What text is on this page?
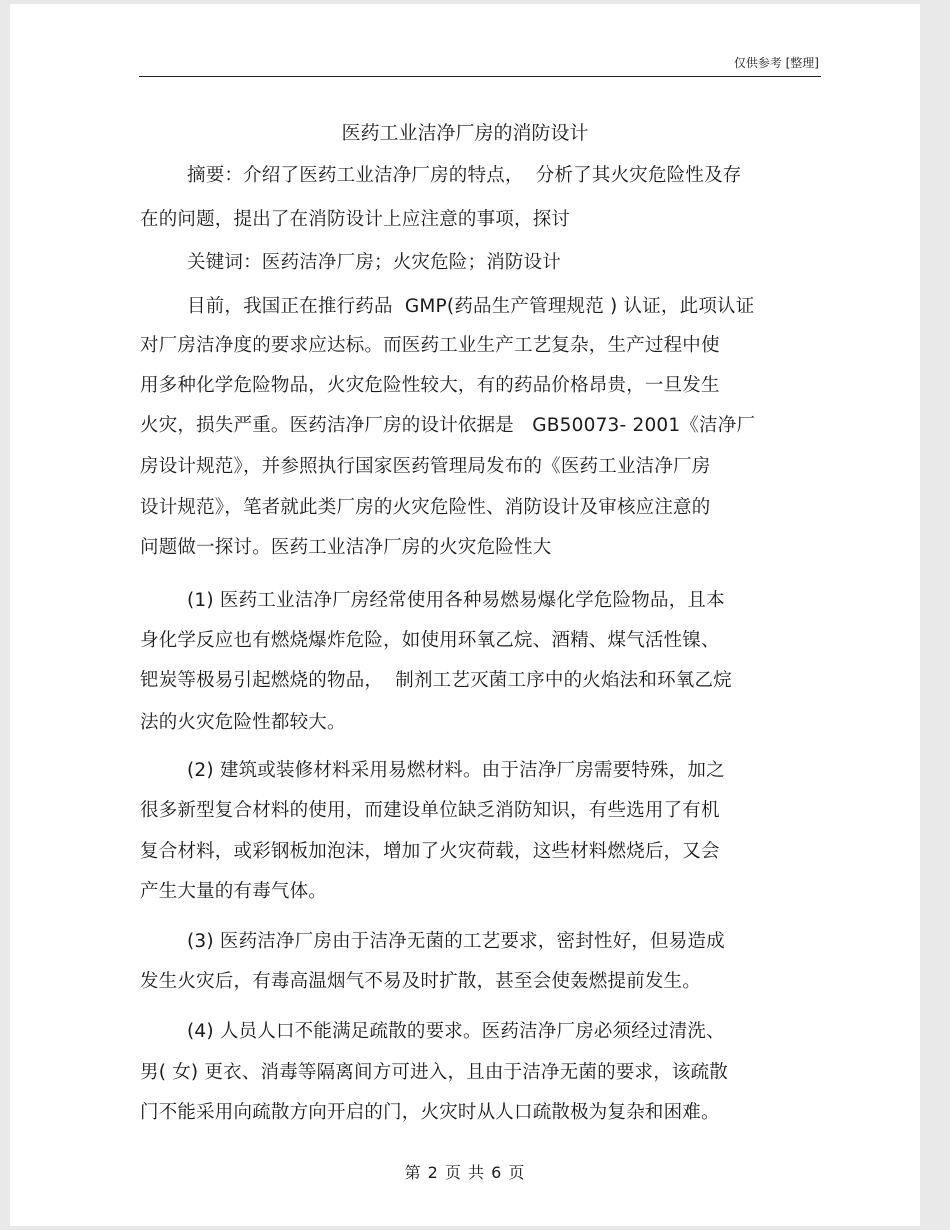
仅供参考 [整理]
医药工业洁净厂房的消防设计
摘要：介绍了医药工业洁净厂房的特点，  分析了其火灾危险性及存
在的问题，提出了在消防设计上应注意的事项，探讨
关键词：医药洁净厂房；火灾危险；消防设计
目前，我国正在推行药品  GMP(药品生产管理规范 ) 认证，此项认证
对厂房洁净度的要求应达标。而医药工业生产工艺复杂，生产过程中使
用多种化学危险物品，火灾危险性较大，有的药品价格昂贵，一旦发生
火灾，损失严重。医药洁净厂房的设计依据是   GB50073- 2001《洁净厂
房设计规范》，并参照执行国家医药管理局发布的《医药工业洁净厂房
设计规范》，笔者就此类厂房的火灾危险性、消防设计及审核应注意的
问题做一探讨。医药工业洁净厂房的火灾危险性大
(1) 医药工业洁净厂房经常使用各种易燃易爆化学危险物品，且本
身化学反应也有燃烧爆炸危险，如使用环氧乙烷、酒精、煤气活性镍、
钯炭等极易引起燃烧的物品，  制剂工艺灭菌工序中的火焰法和环氧乙烷
法的火灾危险性都较大。
(2) 建筑或装修材料采用易燃材料。由于洁净厂房需要特殊，加之
很多新型复合材料的使用，而建设单位缺乏消防知识，有些选用了有机
复合材料，或彩钢板加泡沫，增加了火灾荷载，这些材料燃烧后，又会
产生大量的有毒气体。
(3) 医药洁净厂房由于洁净无菌的工艺要求，密封性好，但易造成
发生火灾后，有毒高温烟气不易及时扩散，甚至会使轰燃提前发生。
(4) 人员人口不能满足疏散的要求。医药洁净厂房必须经过清洗、
男( 女) 更衣、消毒等隔离间方可进入，且由于洁净无菌的要求，该疏散
门不能采用向疏散方向开启的门，火灾时从人口疏散极为复杂和困难。
第 2 页 共 6 页
